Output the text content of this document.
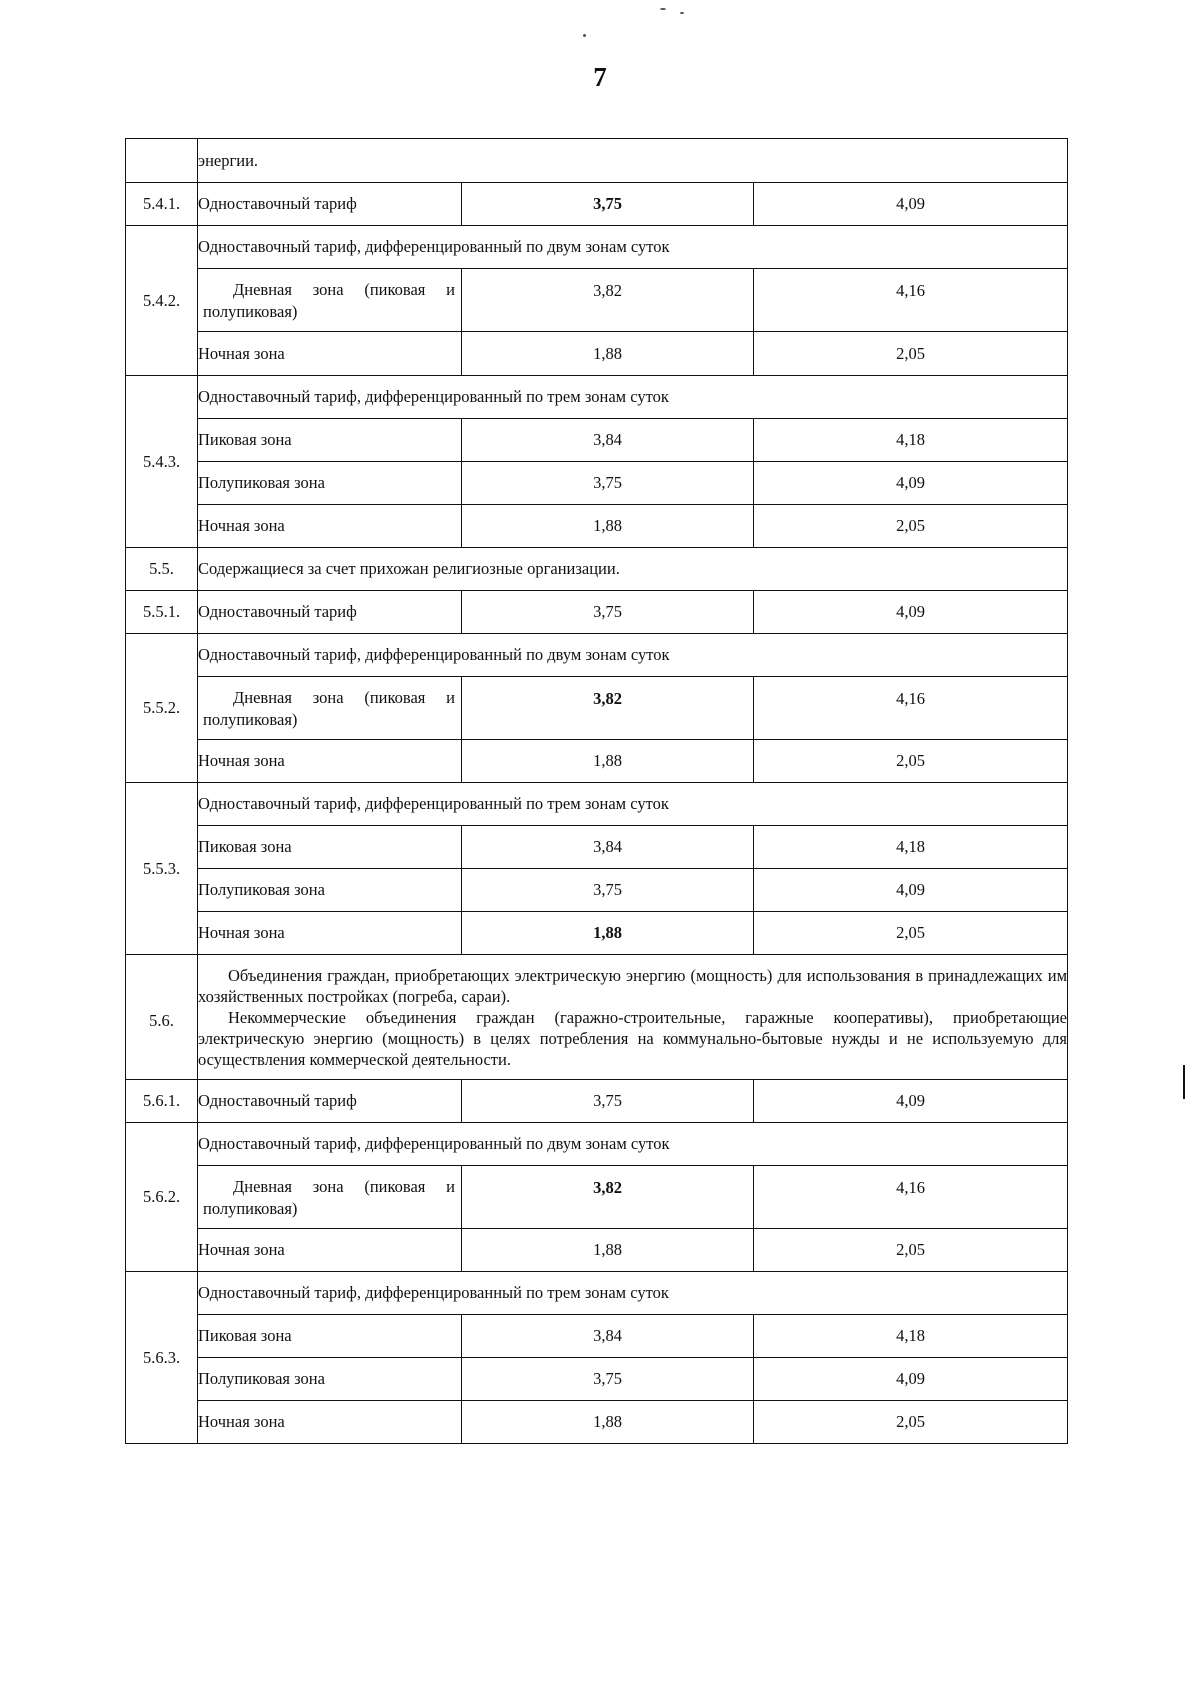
7
	энергии.		
5.4.1.	Одноставочный тариф	3,75	4,09
5.4.2.	Одноставочный тариф, дифференцированный по двум зонам суток		
	Дневная зона (пиковая и полупиковая)	3,82	4,16
	Ночная зона	1,88	2,05
5.4.3.	Одноставочный тариф, дифференцированный по трем зонам суток		
	Пиковая зона	3,84	4,18
	Полупиковая зона	3,75	4,09
	Ночная зона	1,88	2,05
5.5.	Содержащиеся за счет прихожан религиозные организации.		
5.5.1.	Одноставочный тариф	3,75	4,09
5.5.2.	Одноставочный тариф, дифференцированный по двум зонам суток		
	Дневная зона (пиковая и полупиковая)	3,82	4,16
	Ночная зона	1,88	2,05
5.5.3.	Одноставочный тариф, дифференцированный по трем зонам суток		
	Пиковая зона	3,84	4,18
	Полупиковая зона	3,75	4,09
	Ночная зона	1,88	2,05
5.6.	Объединения граждан, приобретающих электрическую энергию (мощность) для использования в принадлежащих им хозяйственных постройках (погреба, сараи).

Некоммерческие объединения граждан (гаражно-строительные, гаражные кооперативы), приобретающие электрическую энергию (мощность) в целях потребления на коммунально-бытовые нужды и не используемую для осуществления коммерческой деятельности.		

5.6.1.	Одноставочный тариф	3,75	4,09
5.6.2.	Одноставочный тариф, дифференцированный по двум зонам суток		
	Дневная зона (пиковая и полупиковая)	3,82	4,16
	Ночная зона	1,88	2,05
5.6.3.	Одноставочный тариф, дифференцированный по трем зонам суток		
	Пиковая зона	3,84	4,18
	Полупиковая зона	3,75	4,09
	Ночная зона	1,88	2,05
